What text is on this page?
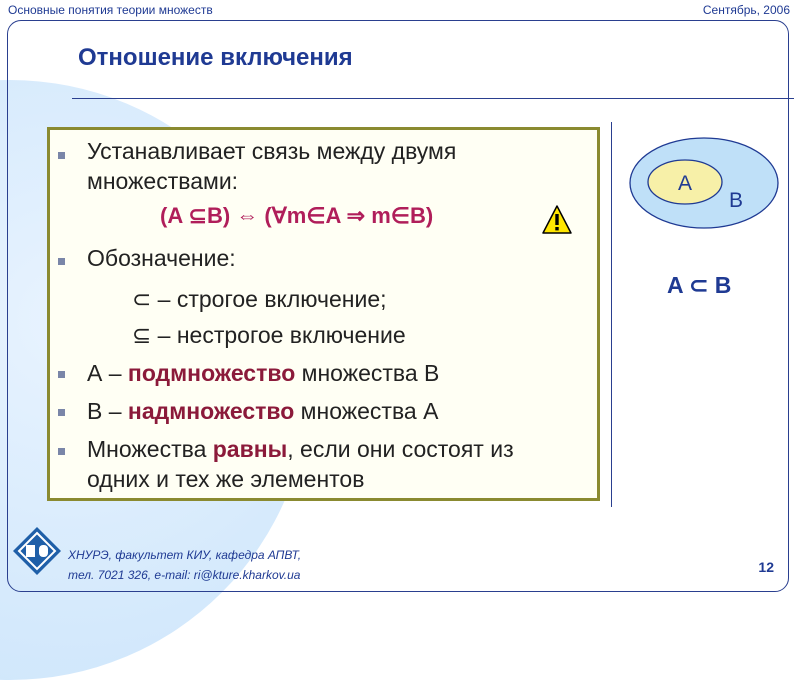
Основные понятия теории множеств	Сентябрь, 2006
Отношение включения
Устанавливает связь между двумя
множествами:
(A ⊆B) ⇔ (∀m∈A ⇒ m∈B)
Обозначение:
⊂ – строгое включение;
⊆ – нестрогое включение
А – подмножество множества В
В – надмножество множества А
Множества равны, если они состоят из
одних и тех же элементов
A
B
A ⊂ B
ХНУРЭ, факультет КИУ, кафедра АПВТ,
тел. 7021 326, e-mail: ri@kture.kharkov.ua	12
